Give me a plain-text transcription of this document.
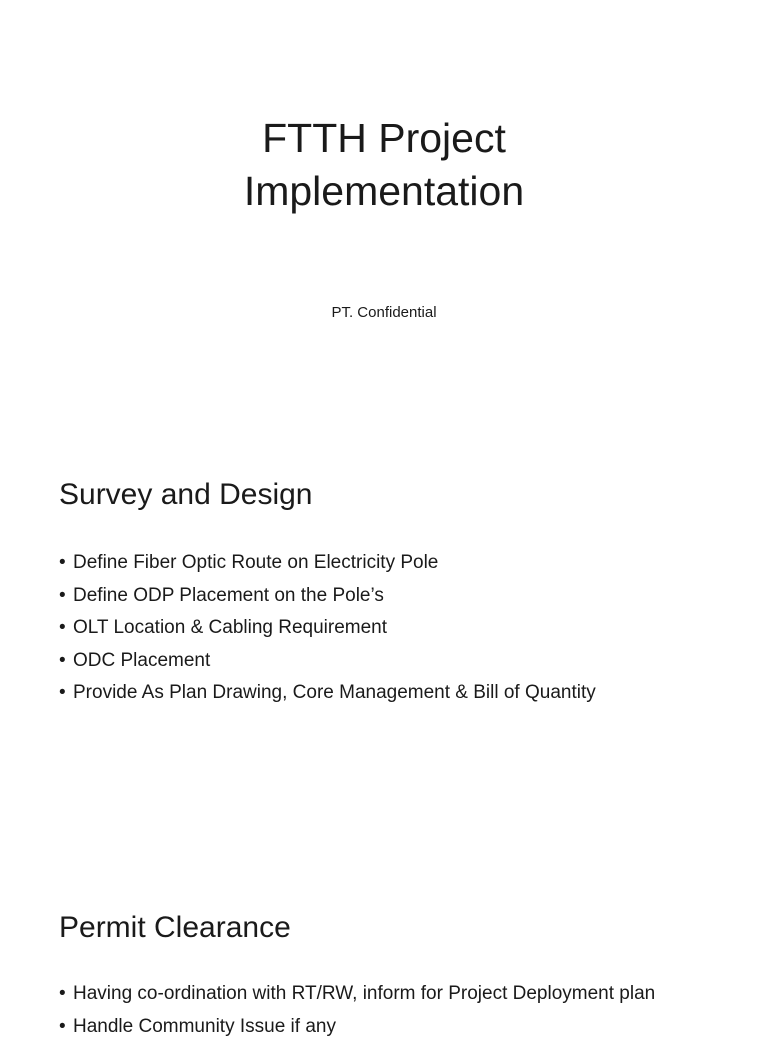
FTTH Project
Implementation

PT. Confidential

Survey and Design
• Define Fiber Optic Route on Electricity Pole
• Define ODP Placement on the Pole’s
• OLT Location & Cabling Requirement
• ODC Placement
• Provide As Plan Drawing, Core Management & Bill of Quantity
Permit Clearance
• Having co-ordination with RT/RW, inform for Project Deployment plan
• Handle Community Issue if any
